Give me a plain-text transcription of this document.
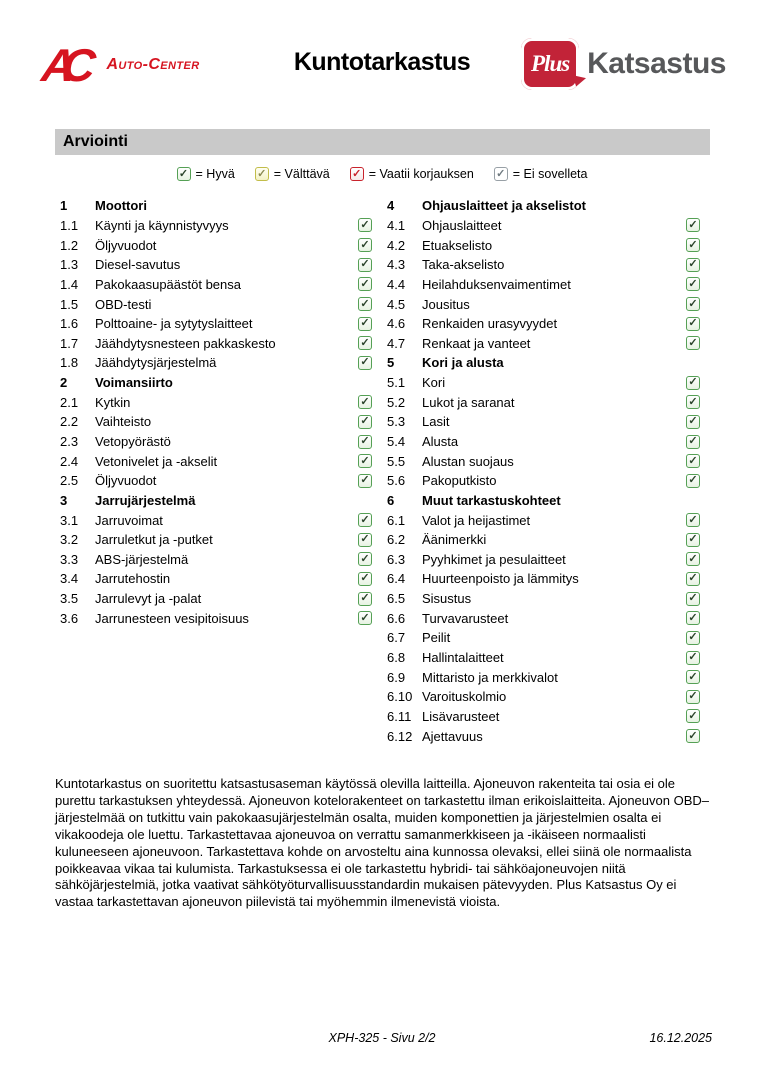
AC	Auto-Center	Kuntotarkastus	Plus Katsastus
Arviointi
✓ = Hyvä ✓ = Välttävä ✓ = Vaatii korjauksen ✓ = Ei sovelleta
1	Moottori
1.1	Käynti ja käynnistyvyys	✓
1.2	Öljyvuodot	✓
1.3	Diesel-savutus	✓
1.4	Pakokaasupäästöt bensa	✓
1.5	OBD-testi	✓
1.6	Polttoaine- ja sytytyslaitteet	✓
1.7	Jäähdytysnesteen pakkaskesto	✓
1.8	Jäähdytysjärjestelmä	✓
2	Voimansiirto
2.1	Kytkin	✓
2.2	Vaihteisto	✓
2.3	Vetopyörästö	✓
2.4	Vetonivelet ja -akselit	✓
2.5	Öljyvuodot	✓
3	Jarrujärjestelmä
3.1	Jarruvoimat	✓
3.2	Jarruletkut ja -putket	✓
3.3	ABS-järjestelmä	✓
3.4	Jarrutehostin	✓
3.5	Jarrulevyt ja -palat	✓
3.6	Jarrunesteen vesipitoisuus	✓
4	Ohjauslaitteet ja akselistot
4.1	Ohjauslaitteet	✓
4.2	Etuakselisto	✓
4.3	Taka-akselisto	✓
4.4	Heilahduksenvaimentimet	✓
4.5	Jousitus	✓
4.6	Renkaiden urasyvyydet	✓
4.7	Renkaat ja vanteet	✓
5	Kori ja alusta
5.1	Kori	✓
5.2	Lukot ja saranat	✓
5.3	Lasit	✓
5.4	Alusta	✓
5.5	Alustan suojaus	✓
5.6	Pakoputkisto	✓
6	Muut tarkastuskohteet
6.1	Valot ja heijastimet	✓
6.2	Äänimerkki	✓
6.3	Pyyhkimet ja pesulaitteet	✓
6.4	Huurteenpoisto ja lämmitys	✓
6.5	Sisustus	✓
6.6	Turvavarusteet	✓
6.7	Peilit	✓
6.8	Hallintalaitteet	✓
6.9	Mittaristo ja merkkivalot	✓
6.10 Varoituskolmio	✓
6.11 Lisävarusteet	✓
6.12 Ajettavuus	✓
Kuntotarkastus on suoritettu katsastusaseman käytössä olevilla laitteilla. Ajoneuvon rakenteita tai osia ei ole purettu tarkastuksen yhteydessä. Ajoneuvon kotelorakenteet on tarkastettu ilman erikoislaitteita. Ajoneuvon OBD–järjestelmää on tutkittu vain pakokaasujärjestelmän osalta, muiden komponettien ja järjestelmien osalta ei vikakoodeja ole luettu. Tarkastettavaa ajoneuvoa on verrattu samanmerkkiseen ja -ikäiseen normaalisti kuluneeseen ajoneuvoon. Tarkastettava kohde on arvosteltu aina kunnossa olevaksi, ellei siinä ole normaalista poikkeavaa vikaa tai kulumista. Tarkastuksessa ei ole tarkastettu hybridi- tai sähköajoneuvojen niitä sähköjärjestelmiä, jotka vaativat sähkötyöturvallisuusstandardin mukaisen pätevyyden. Plus Katsastus Oy ei vastaa tarkastettavan ajoneuvon piilevistä tai myöhemmin ilmenevistä vioista.
XPH-325 - Sivu 2/2	16.12.2025
